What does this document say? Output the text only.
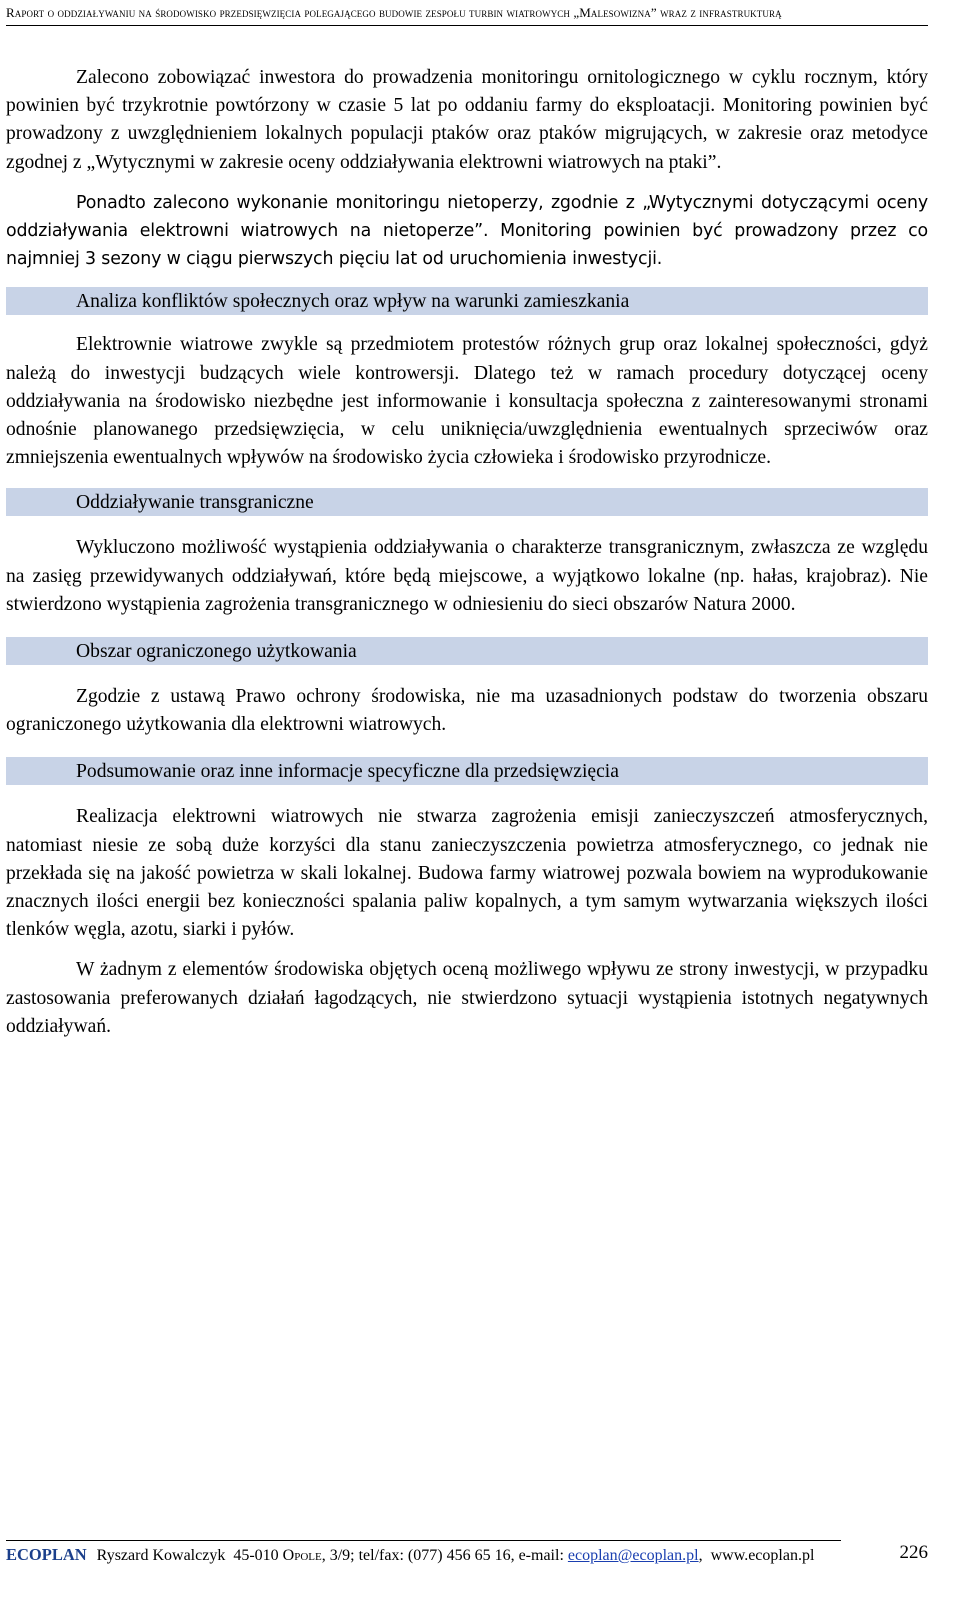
Raport o oddziaływaniu na środowisko przedsięwzięcia polegającego budowie zespołu turbin wiatrowych „Malesowizna” wraz z infrastrukturą

Zalecono zobowiązać inwestora do prowadzenia monitoringu ornitologicznego w cyklu rocznym, który powinien być trzykrotnie powtórzony w czasie 5 lat po oddaniu farmy do eksploatacji. Monitoring powinien być prowadzony z uwzględnieniem lokalnych populacji ptaków oraz ptaków migrujących, w zakresie oraz metodyce zgodnej z „Wytycznymi w zakresie oceny oddziaływania elektrowni wiatrowych na ptaki”.

Ponadto zalecono wykonanie monitoringu nietoperzy, zgodnie z „Wytycznymi dotyczącymi oceny oddziaływania elektrowni wiatrowych na nietoperze”. Monitoring powinien być prowadzony przez co najmniej 3 sezony w ciągu pierwszych pięciu lat od uruchomienia inwestycji.

Analiza konfliktów społecznych oraz wpływ na warunki zamieszkania

Elektrownie wiatrowe zwykle są przedmiotem protestów różnych grup oraz lokalnej społeczności, gdyż należą do inwestycji budzących wiele kontrowersji. Dlatego też w ramach procedury dotyczącej oceny oddziaływania na środowisko niezbędne jest informowanie i konsultacja społeczna z zainteresowanymi stronami odnośnie planowanego przedsięwzięcia, w celu uniknięcia/uwzględnienia ewentualnych sprzeciwów oraz zmniejszenia ewentualnych wpływów na środowisko życia człowieka i środowisko przyrodnicze.

Oddziaływanie transgraniczne

Wykluczono możliwość wystąpienia oddziaływania o charakterze transgranicznym, zwłaszcza ze względu na zasięg przewidywanych oddziaływań, które będą miejscowe, a wyjątkowo lokalne (np. hałas, krajobraz). Nie stwierdzono wystąpienia zagrożenia transgranicznego w odniesieniu do sieci obszarów Natura 2000.

Obszar ograniczonego użytkowania

Zgodzie z ustawą Prawo ochrony środowiska, nie ma uzasadnionych podstaw do tworzenia obszaru ograniczonego użytkowania dla elektrowni wiatrowych.

Podsumowanie oraz inne informacje specyficzne dla przedsięwzięcia

Realizacja elektrowni wiatrowych nie stwarza zagrożenia emisji zanieczyszczeń atmosferycznych, natomiast niesie ze sobą duże korzyści dla stanu zanieczyszczenia powietrza atmosferycznego, co jednak nie przekłada się na jakość powietrza w skali lokalnej. Budowa farmy wiatrowej pozwala bowiem na wyprodukowanie znacznych ilości energii bez konieczności spalania paliw kopalnych, a tym samym wytwarzania większych ilości tlenków węgla, azotu, siarki i pyłów.

W żadnym z elementów środowiska objętych oceną możliwego wpływu ze strony inwestycji, w przypadku zastosowania preferowanych działań łagodzących, nie stwierdzono sytuacji wystąpienia istotnych negatywnych oddziaływań.

ECOPLAN Ryszard Kowalczyk 45-010 Opole, 3/9; tel/fax: (077) 456 65 16, e-mail: ecoplan@ecoplan.pl,  www.ecoplan.pl	226
